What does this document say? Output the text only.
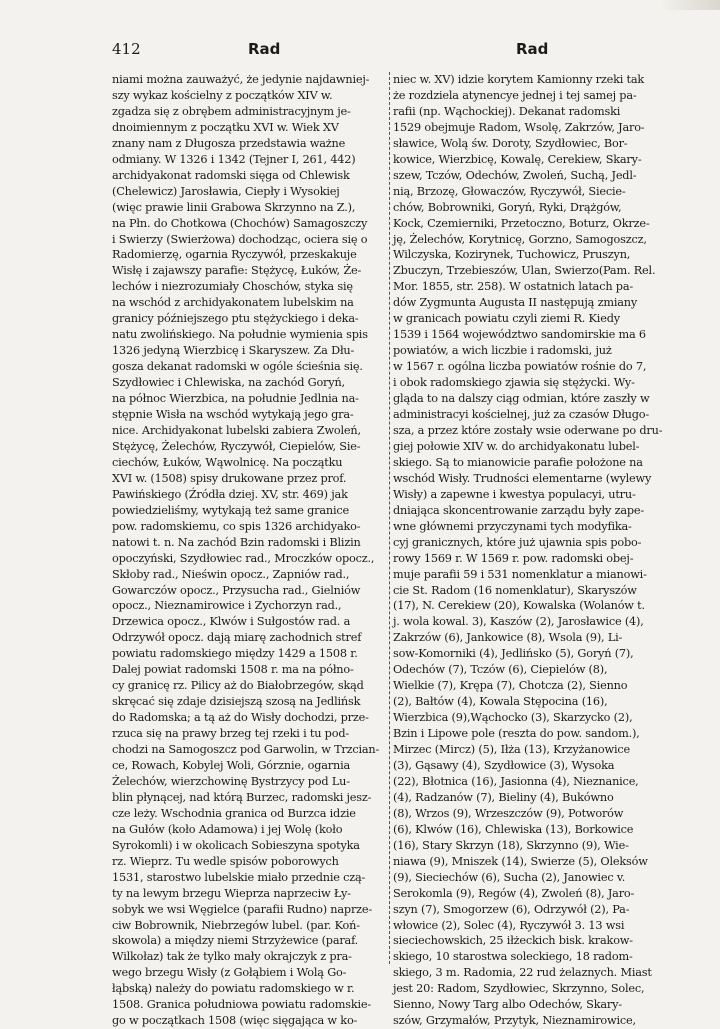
412	Rad	Rad
niami można zauważyć, że jedynie najdawniej-
szy wykaz kościelny z początków XIV w.
zgadza się z obrębem administracyjnym je-
dnoimiennym z początku XVI w. Wiek XV
znany nam z Długosza przedstawia ważne
odmiany. W 1326 i 1342 (Tejner I, 261, 442)
archidyakonat radomski sięga od Chlewisk
(Chelewicz) Jarosławia, Ciepły i Wysokiej
(więc prawie linii Grabowa Skrzynno na Z.),
na Płn. do Chotkowa (Chochów) Samagoszczy
i Swierzy (Swierżowa) dochodząc, ociera się o
Radomierzę, ogarnia Ryczywół, przeskakuje
Wisłę i zajawszy parafie: Stężycę, Łuków, Że-
lechów i niezrozumiały Choschów, styka się
na wschód z archidyakonatem lubelskim na
granicy późniejszego ptu stężyckiego i deka-
natu zwolińskiego. Na południe wymienia spis
1326 jedyną Wierzbicę i Skaryszew. Za Dłu-
gosza dekanat radomski w ogóle ścieśnia się.
Szydłowiec i Chlewiska, na zachód Goryń,
na północ Wierzbica, na południe Jedlnia na-
stępnie Wisła na wschód wytykają jego gra-
nice. Archidyakonat lubelski zabiera Zwoleń,
Stężycę, Żelechów, Ryczywół, Ciepielów, Sie-
ciechów, Łuków, Wąwolnicę. Na początku
XVI w. (1508) spisy drukowane przez prof.
Pawińskiego (Źródła dziej. XV, str. 469) jak
powiedzieliśmy, wytykają też same granice
pow. radomskiemu, co spis 1326 archidyako-
natowi t. n. Na zachód Bzin radomski i Blizin
opoczyński, Szydłowiec rad., Mroczków opocz.,
Skłoby rad., Nieświn opocz., Zapniów rad.,
Gowarczów opocz., Przysucha rad., Gielniów
opocz., Nieznamirowice i Zychorzyn rad.,
Drzewica opocz., Klwów i Sułgostów rad. a
Odrzywół opocz. dają miarę zachodnich stref
powiatu radomskiego między 1429 a 1508 r.
Dalej powiat radomski 1508 r. ma na półno-
cy granicę rz. Pilicy aż do Białobrzegów, skąd
skręcać się zdaje dzisiejszą szosą na Jedlińsk
do Radomska; a tą aż do Wisły dochodzi, prze-
rzuca się na prawy brzeg tej rzeki i tu pod-
chodzi na Samogoszcz pod Garwolin, w Trzcian-
ce, Rowach, Kobylej Woli, Górznie, ogarnia
Żelechów, wierzchowinę Bystrzycy pod Lu-
blin płynącej, nad którą Burzec, radomski jesz-
cze leży. Wschodnia granica od Burzca idzie
na Gułów (koło Adamowa) i jej Wolę (koło
Syrokomli) i w okolicach Sobieszyna spotyka
rz. Wieprz. Tu wedle spisów poborowych
1531, starostwo lubelskie miało przednie czą-
ty na lewym brzegu Wieprza naprzeciw Ły-
sobyk we wsi Węgielce (parafii Rudno) naprze-
ciw Bobrownik, Niebrzegów lubel. (par. Koń-
skowola) a między niemi Strzyżewice (paraf.
Wilkołaz) tak że tylko mały okrajczyk z pra-
wego brzegu Wisły (z Gołąbiem i Wolą Go-
łąbską) należy do powiatu radomskiego w r.
1508. Granica południowa powiatu radomskie-
go w początkach 1508 (więc sięgająca w ko-
niec w. XV) idzie korytem Kamionny rzeki tak
że rozdziela atynencye jednej i tej samej pa-
rafii (np. Wąchockiej). Dekanat radomski
1529 obejmuje Radom, Wsolę, Zakrzów, Jaro-
sławice, Wolą św. Doroty, Szydłowiec, Bor-
kowice, Wierzbicę, Kowalę, Cerekiew, Skary-
szew, Tczów, Odechów, Zwoleń, Suchą, Jedl-
nią, Brzozę, Głowaczów, Ryczywół, Siecie-
chów, Bobrowniki, Goryń, Ryki, Drążgów,
Kock, Czemierniki, Przetoczno, Boturz, Okrze-
ję, Żelechów, Korytnicę, Gorzno, Samogoszcz,
Wilczyska, Kozirynek, Tuchowicz, Pruszyn,
Zbuczyn, Trzebieszów, Ulan, Swierzo(Pam. Rel.
Mor. 1855, str. 258). W ostatnich latach pa-
dów Zygmunta Augusta II następują zmiany
w granicach powiatu czyli ziemi R. Kiedy
1539 i 1564 województwo sandomirskie ma 6
powiatów, a wich liczbie i radomski, już
w 1567 r. ogólna liczba powiatów rośnie do 7,
i obok radomskiego zjawia się stężycki. Wy-
gląda to na dalszy ciąg odmian, które zaszły w
administracyi kościelnej, już za czasów Długo-
sza, a przez które zostały wsie oderwane po dru-
giej połowie XIV w. do archidyakonatu lubel-
skiego. Są to mianowicie parafie położone na
wschód Wisły. Trudności elementarne (wylewy
Wisły) a zapewne i kwestya populacyi, utru-
dniająca skoncentrowanie zarządu były zape-
wne głównemi przyczynami tych modyfika-
cyj granicznych, które już ujawnia spis pobo-
rowy 1569 r. W 1569 r. pow. radomski obej-
muje parafii 59 i 531 nomenklatur a mianowi-
cie St. Radom (16 nomenklatur), Skaryszów
(17), N. Cerekiew (20), Kowalska (Wolanów t.
j. wola kowal. 3), Kaszów (2), Jarosławice (4),
Zakrzów (6), Jankowice (8), Wsola (9), Li-
sow-Komorniki (4), Jedlińsko (5), Goryń (7),
Odechów (7), Tczów (6), Ciepielów (8),
Wielkie (7), Krępa (7), Chotcza (2), Sienno
(2), Bałtów (4), Kowala Stępocina (16),
Wierzbica (9),Wąchocko (3), Skarzycko (2),
Bzin i Lipowe pole (reszta do pow. sandom.),
Mirzec (Mircz) (5), Iłża (13), Krzyżanowice
(3), Gąsawy (4), Szydłowice (3), Wysoka
(22), Błotnica (16), Jasionna (4), Nieznanice,
(4), Radzanów (7), Bieliny (4), Bukówno
(8), Wrzos (9), Wrzeszczów (9), Potworów
(6), Klwów (16), Chlewiska (13), Borkowice
(16), Stary Skrzyn (18), Skrzynno (9), Wie-
niawa (9), Mniszek (14), Swierze (5), Oleksów
(9), Sieciechów (6), Sucha (2), Janowiec v.
Serokomla (9), Regów (4), Zwoleń (8), Jaro-
szyn (7), Smogorzew (6), Odrzywół (2), Pa-
włowice (2), Solec (4), Ryczywół 3. 13 wsi
sieciechowskich, 25 iłżeckich bisk. krakow-
skiego, 10 starostwa soleckiego, 18 radom-
skiego, 3 m. Radomia, 22 rud żelaznych. Miast
jest 20: Radom, Szydłowiec, Skrzynno, Solec,
Sienno, Nowy Targ albo Odechów, Skary-
szów, Grzymałów, Przytyk, Nieznamirowice,
